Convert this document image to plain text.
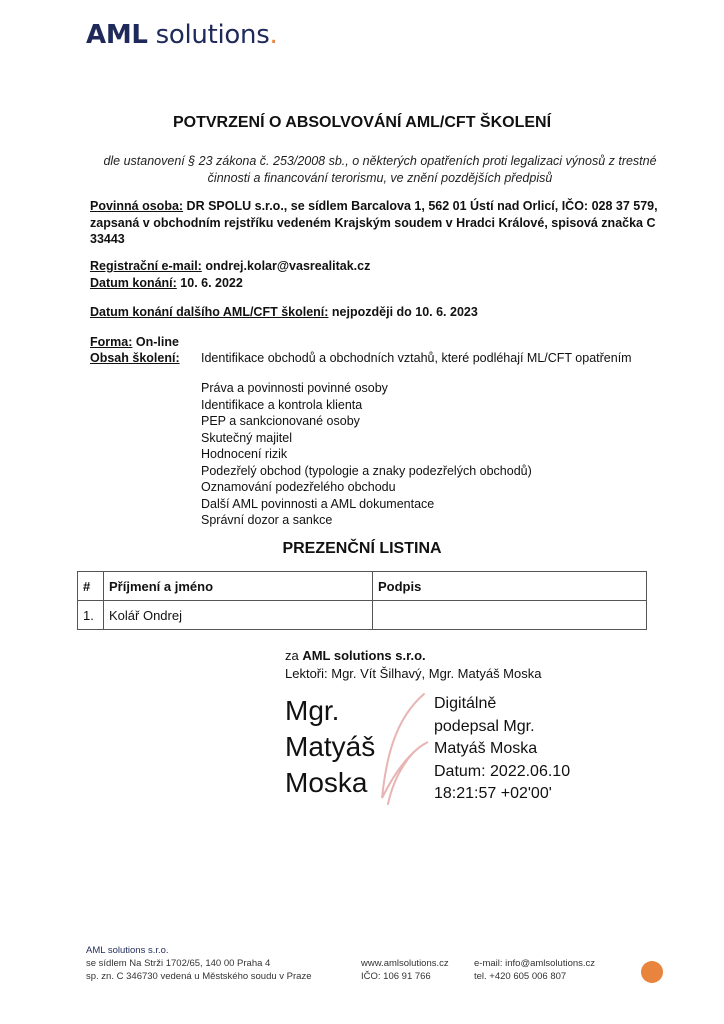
AML solutions.
POTVRZENÍ O ABSOLVOVÁNÍ AML/CFT ŠKOLENÍ
dle ustanovení § 23 zákona č. 253/2008 sb., o některých opatřeních proti legalizaci výnosů z trestné činnosti a financování terorismu, ve znění pozdějších předpisů
Povinná osoba: DR SPOLU s.r.o., se sídlem Barcalova 1, 562 01 Ústí nad Orlicí, IČO: 028 37 579, zapsaná v obchodním rejstříku vedeném Krajským soudem v Hradci Králové, spisová značka C 33443
Registrační e-mail: ondrej.kolar@vasrealitak.cz
Datum konání: 10. 6. 2022
Datum konání dalšího AML/CFT školení: nejpozději do 10. 6. 2023
Forma: On-line
Obsah školení:	Identifikace obchodů a obchodních vztahů, které podléhají ML/CFT opatřením
Práva a povinnosti povinné osoby
Identifikace a kontrola klienta
PEP a sankcionované osoby
Skutečný majitel
Hodnocení rizik
Podezřelý obchod (typologie a znaky podezřelých obchodů)
Oznamování podezřelého obchodu
Další AML povinnosti a AML dokumentace
Správní dozor a sankce
PREZENČNÍ LISTINA
#	Příjmení a jméno	Podpis
1.	Kolář Ondrej	
za AML solutions s.r.o.
Lektoři: Mgr. Vít Šilhavý, Mgr. Matyáš Moska
Mgr.
Matyáš
Moska
Digitálně
podepsal Mgr.
Matyáš Moska
Datum: 2022.06.10
18:21:57 +02'00'
AML solutions s.r.o.
se sídlem Na Strži 1702/65, 140 00 Praha 4
sp. zn. C 346730 vedená u Městského soudu v Praze
www.amlsolutions.cz
IČO: 106 91 766
e-mail: info@amlsolutions.cz
tel. +420 605 006 807
